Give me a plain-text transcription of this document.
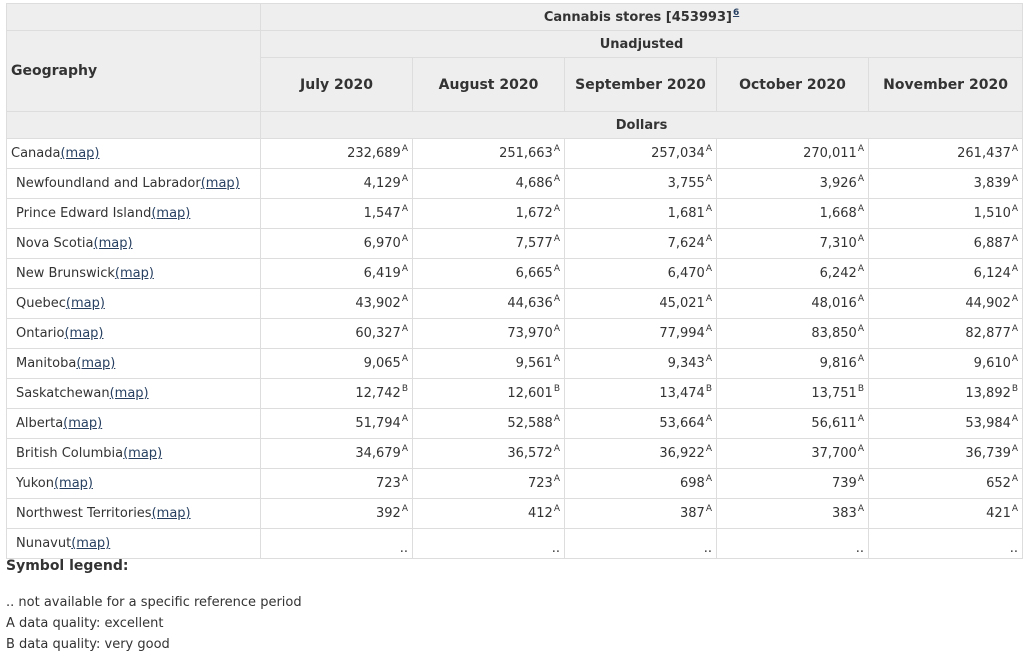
	Cannabis stores [453993]$^6$
Geography	Unadjusted				
	July 2020	August 2020	September 2020	October 2020	November 2020
	Dollars				
Canada(map)	$232,689^A$	$251,663^A$	$257,034^A$	$270,011^A$	$261,437^A$
Newfoundland and Labrador(map)	$4,129^A$	$4,686^A$	$3,755^A$	$3,926^A$	$3,839^A$
Prince Edward Island(map)	$1,547^A$	$1,672^A$	$1,681^A$	$1,668^A$	$1,510^A$
Nova Scotia(map)	$6,970^A$	$7,577^A$	$7,624^A$	$7,310^A$	$6,887^A$
New Brunswick(map)	$6,419^A$	$6,665^A$	$6,470^A$	$6,242^A$	$6,124^A$
Quebec(map)	$43,902^A$	$44,636^A$	$45,021^A$	$48,016^A$	$44,902^A$
Ontario(map)	$60,327^A$	$73,970^A$	$77,994^A$	$83,850^A$	$82,877^A$
Manitoba(map)	$9,065^A$	$9,561^A$	$9,343^A$	$9,816^A$	$9,610^A$
Saskatchewan(map)	$12,742^B$	$12,601^B$	$13,474^B$	$13,751^B$	$13,892^B$
Alberta(map)	$51,794^A$	$52,588^A$	$53,664^A$	$56,611^A$	$53,984^A$
British Columbia(map)	$34,679^A$	$36,572^A$	$36,922^A$	$37,700^A$	$36,739^A$
Yukon(map)	$723^A$	$723^A$	$698^A$	$739^A$	$652^A$
Northwest Territories(map)	$392^A$	$412^A$	$387^A$	$383^A$	$421^A$
Nunavut(map)	..	..	..	..	..
Symbol legend:
.. not available for a specific reference period
A data quality: excellent
B data quality: very good
